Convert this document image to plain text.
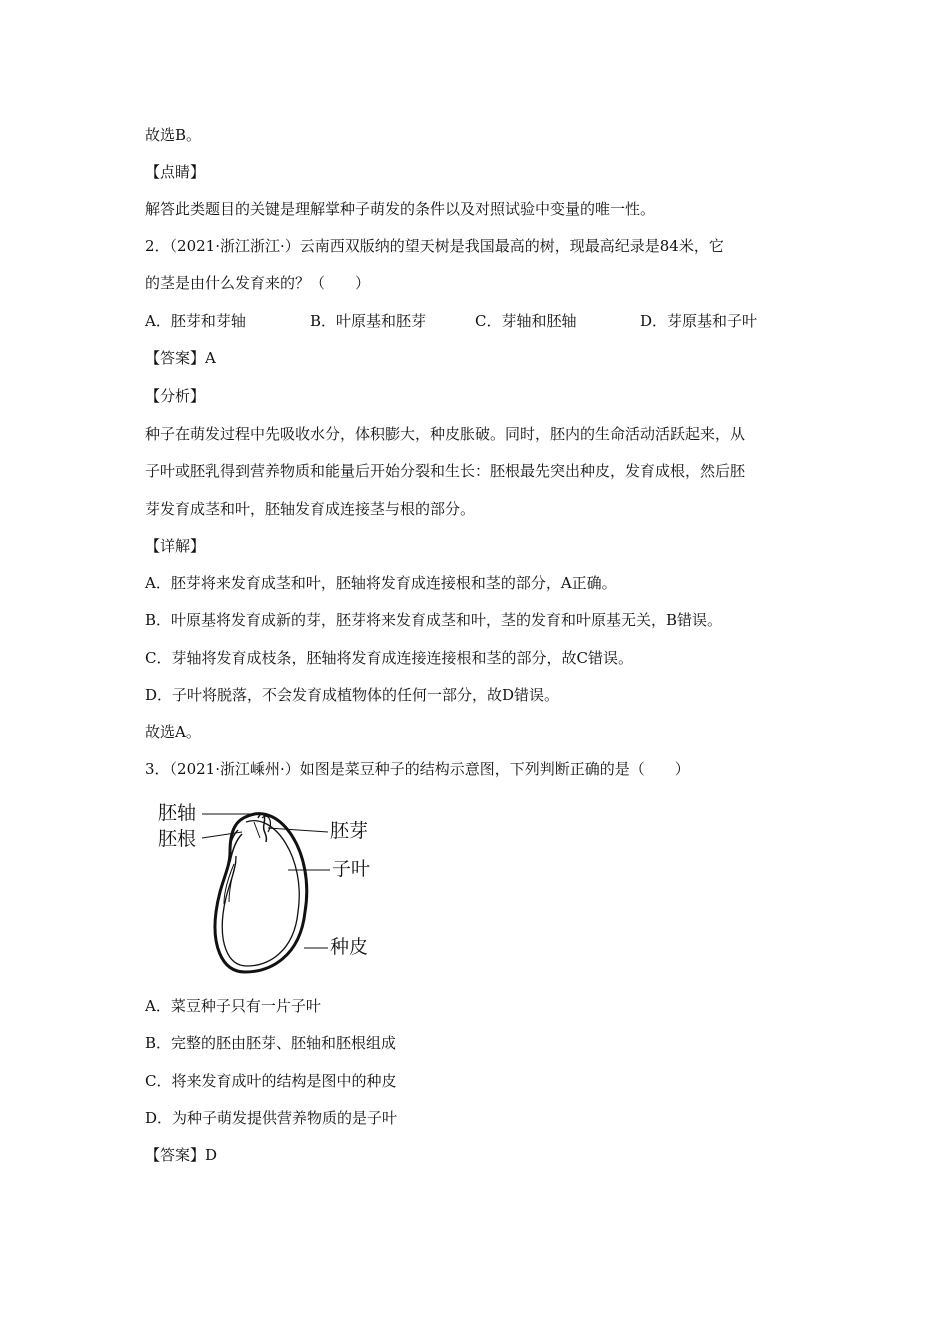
故选B。
【点睛】
解答此类题目的关键是理解掌种子萌发的条件以及对照试验中变量的唯一性。
2．（2021·浙江浙江·）云南西双版纳的望天树是我国最高的树，现最高纪录是84米，它
的茎是由什么发育来的？（　　）
A．胚芽和芽轴	B．叶原基和胚芽	C．芽轴和胚轴	D．芽原基和子叶
【答案】A
【分析】
种子在萌发过程中先吸收水分，体积膨大，种皮胀破。同时，胚内的生命活动活跃起来，从
子叶或胚乳得到营养物质和能量后开始分裂和生长：胚根最先突出种皮，发育成根，然后胚
芽发育成茎和叶，胚轴发育成连接茎与根的部分。
【详解】
A．胚芽将来发育成茎和叶，胚轴将发育成连接根和茎的部分，A正确。
B．叶原基将发育成新的芽，胚芽将来发育成茎和叶，茎的发育和叶原基无关，B错误。
C．芽轴将发育成枝条，胚轴将发育成连接连接根和茎的部分，故C错误。
D．子叶将脱落，不会发育成植物体的任何一部分，故D错误。
故选A。
3．（2021·浙江嵊州·）如图是菜豆种子的结构示意图，下列判断正确的是（　　）
胚轴
胚根	胚芽
子叶
种皮
A．菜豆种子只有一片子叶
B．完整的胚由胚芽、胚轴和胚根组成
C．将来发育成叶的结构是图中的种皮
D．为种子萌发提供营养物质的是子叶
【答案】D
